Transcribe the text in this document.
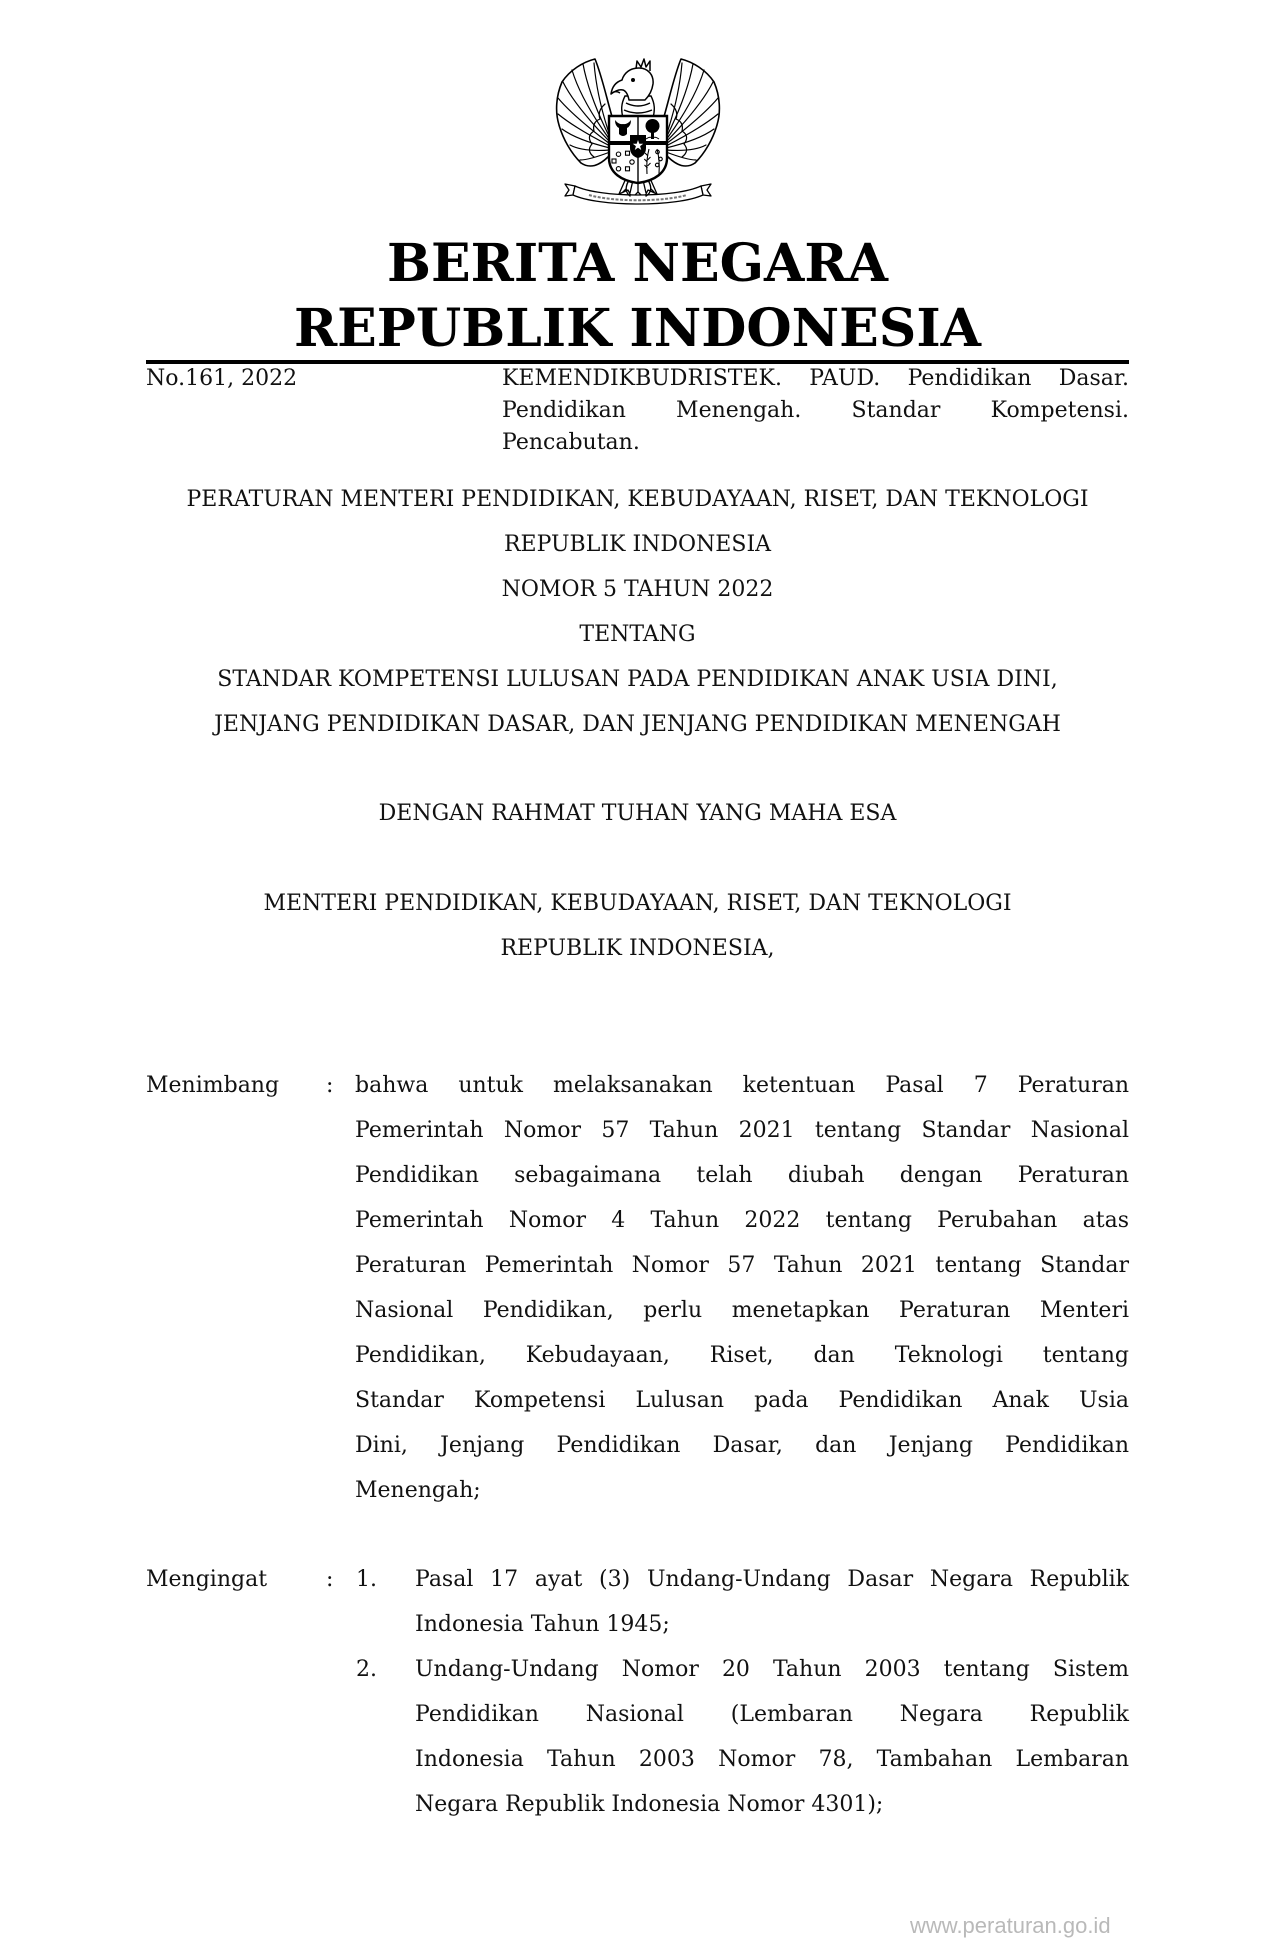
BERITA NEGARA
REPUBLIK INDONESIA
No.161, 2022	KEMENDIKBUDRISTEK. PAUD. Pendidikan Dasar.
Pendidikan Menengah. Standar Kompetensi.
Pencabutan.
PERATURAN MENTERI PENDIDIKAN, KEBUDAYAAN, RISET, DAN TEKNOLOGI
REPUBLIK INDONESIA
NOMOR 5 TAHUN 2022
TENTANG
STANDAR KOMPETENSI LULUSAN PADA PENDIDIKAN ANAK USIA DINI,
JENJANG PENDIDIKAN DASAR, DAN JENJANG PENDIDIKAN MENENGAH
DENGAN RAHMAT TUHAN YANG MAHA ESA
MENTERI PENDIDIKAN, KEBUDAYAAN, RISET, DAN TEKNOLOGI
REPUBLIK INDONESIA,
Menimbang : bahwa untuk melaksanakan ketentuan Pasal 7 Peraturan
Pemerintah Nomor 57 Tahun 2021 tentang Standar Nasional
Pendidikan sebagaimana telah diubah dengan Peraturan
Pemerintah Nomor 4 Tahun 2022 tentang Perubahan atas
Peraturan Pemerintah Nomor 57 Tahun 2021 tentang Standar
Nasional Pendidikan, perlu menetapkan Peraturan Menteri
Pendidikan, Kebudayaan, Riset, dan Teknologi tentang
Standar Kompetensi Lulusan pada Pendidikan Anak Usia
Dini, Jenjang Pendidikan Dasar, dan Jenjang Pendidikan
Menengah;
Mengingat	: 1. Pasal 17 ayat (3) Undang-Undang Dasar Negara Republik
Indonesia Tahun 1945;
2. Undang-Undang Nomor 20 Tahun 2003 tentang Sistem
Pendidikan Nasional (Lembaran Negara Republik
Indonesia Tahun 2003 Nomor 78, Tambahan Lembaran
Negara Republik Indonesia Nomor 4301);
www.peraturan.go.id
